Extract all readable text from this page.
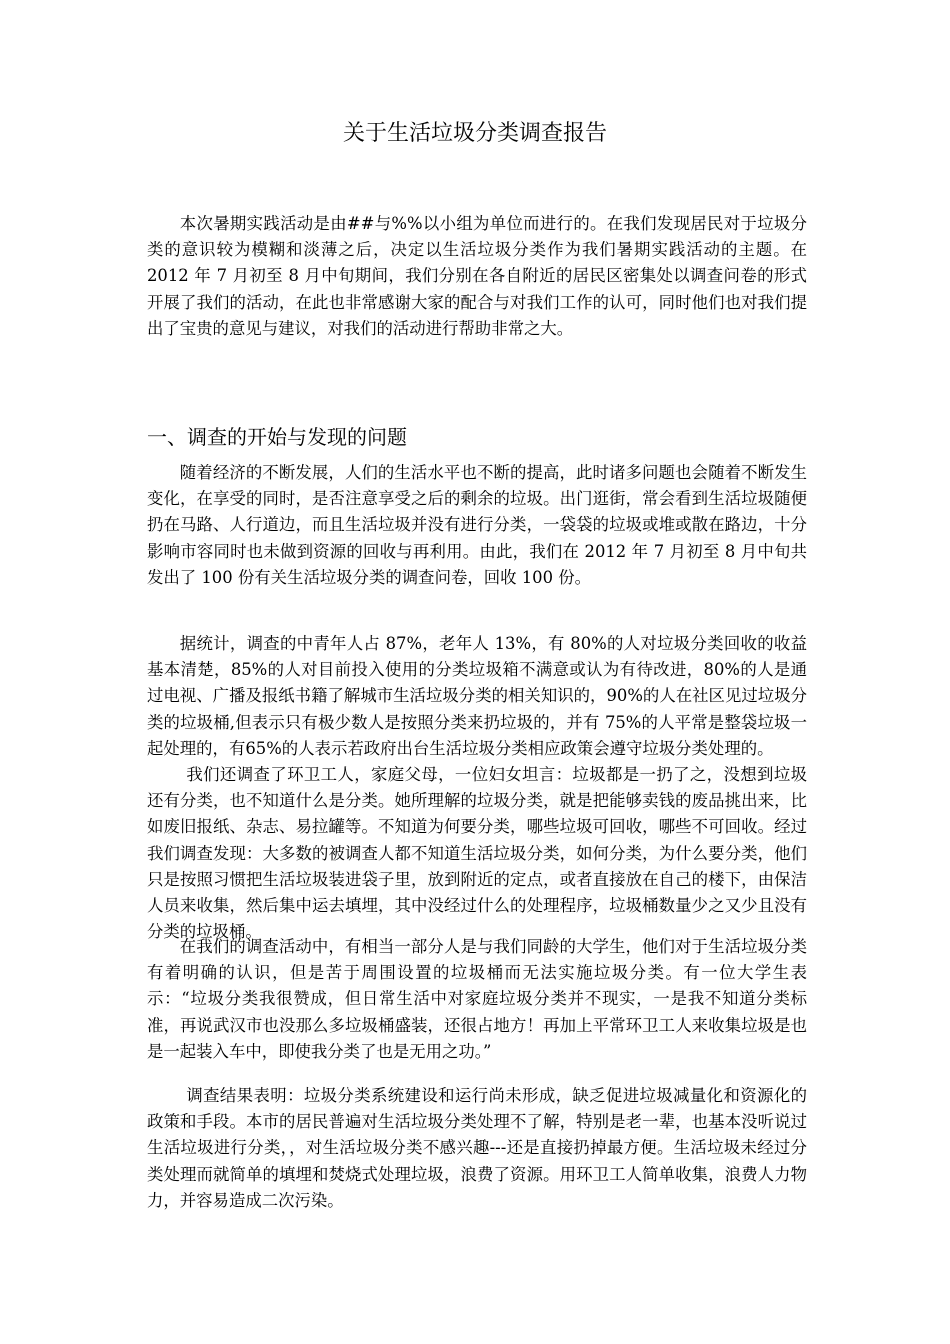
关于生活垃圾分类调查报告

本次暑期实践活动是由##与%%以小组为单位而进行的。在我们发现居民对于垃圾分类的意识较为模糊和淡薄之后，决定以生活垃圾分类作为我们暑期实践活动的主题。在 2012 年 7 月初至 8 月中旬期间，我们分别在各自附近的居民区密集处以调查问卷的形式开展了我们的活动，在此也非常感谢大家的配合与对我们工作的认可，同时他们也对我们提出了宝贵的意见与建议，对我们的活动进行帮助非常之大。

一、调查的开始与发现的问题

随着经济的不断发展，人们的生活水平也不断的提高，此时诸多问题也会随着不断发生变化，在享受的同时，是否注意享受之后的剩余的垃圾。出门逛街，常会看到生活垃圾随便扔在马路、人行道边，而且生活垃圾并没有进行分类，一袋袋的垃圾或堆或散在路边，十分影响市容同时也未做到资源的回收与再利用。由此，我们在 2012 年 7 月初至 8 月中旬共发出了 100 份有关生活垃圾分类的调查问卷，回收 100 份。

据统计，调查的中青年人占 87%，老年人 13%，有 80%的人对垃圾分类回收的收益基本清楚，85%的人对目前投入使用的分类垃圾箱不满意或认为有待改进，80%的人是通过电视、广播及报纸书籍了解城市生活垃圾分类的相关知识的，90%的人在社区见过垃圾分类的垃圾桶,但表示只有极少数人是按照分类来扔垃圾的，并有 75%的人平常是整袋垃圾一起处理的，有65%的人表示若政府出台生活垃圾分类相应政策会遵守垃圾分类处理的。

我们还调查了环卫工人，家庭父母，一位妇女坦言：垃圾都是一扔了之，没想到垃圾还有分类，也不知道什么是分类。她所理解的垃圾分类，就是把能够卖钱的废品挑出来，比如废旧报纸、杂志、易拉罐等。不知道为何要分类，哪些垃圾可回收，哪些不可回收。经过我们调查发现：大多数的被调查人都不知道生活垃圾分类，如何分类，为什么要分类，他们只是按照习惯把生活垃圾装进袋子里，放到附近的定点，或者直接放在自己的楼下，由保洁人员来收集，然后集中运去填埋，其中没经过什么的处理程序，垃圾桶数量少之又少且没有分类的垃圾桶。

在我们的调查活动中，有相当一部分人是与我们同龄的大学生，他们对于生活垃圾分类有着明确的认识，但是苦于周围设置的垃圾桶而无法实施垃圾分类。有一位大学生表示：“垃圾分类我很赞成，但日常生活中对家庭垃圾分类并不现实，一是我不知道分类标准，再说武汉市也没那么多垃圾桶盛装，还很占地方！再加上平常环卫工人来收集垃圾是也是一起装入车中，即使我分类了也是无用之功。”

调查结果表明：垃圾分类系统建设和运行尚未形成，缺乏促进垃圾减量化和资源化的政策和手段。本市的居民普遍对生活垃圾分类处理不了解，特别是老一辈，也基本没听说过生活垃圾进行分类，，对生活垃圾分类不感兴趣---还是直接扔掉最方便。生活垃圾未经过分类处理而就简单的填埋和焚烧式处理垃圾，浪费了资源。用环卫工人简单收集，浪费人力物力，并容易造成二次污染。
